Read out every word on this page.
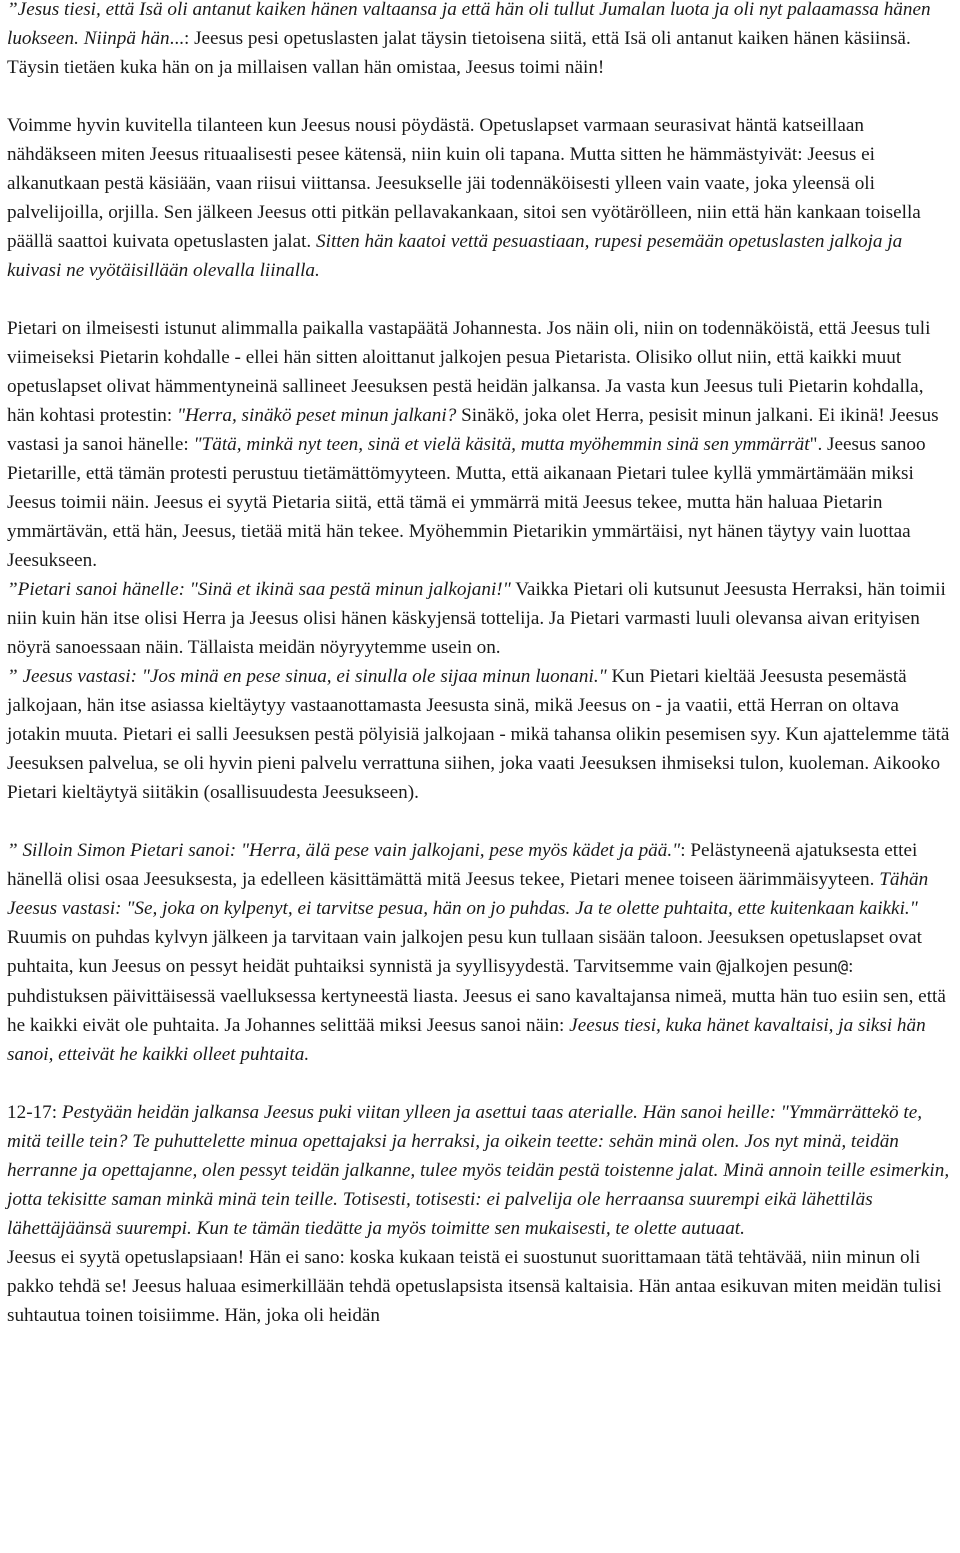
”Jesus tiesi, että Isä oli antanut kaiken hänen valtaansa ja että hän oli tullut Jumalan luota ja oli nyt palaamassa hänen luokseen. Niinpä hän...: Jeesus pesi opetuslasten jalat täysin tietoisena siitä, että Isä oli antanut kaiken hänen käsiinsä. Täysin tietäen kuka hän on ja millaisen vallan hän omistaa, Jeesus toimi näin!

Voimme hyvin kuvitella tilanteen kun Jeesus nousi pöydästä. Opetuslapset varmaan seurasivat häntä katseillaan nähdäkseen miten Jeesus rituaalisesti pesee kätensä, niin kuin oli tapana. Mutta sitten he hämmästyivät: Jeesus ei alkanutkaan pestä käsiään, vaan riisui viittansa. Jeesukselle jäi todennäköisesti ylleen vain vaate, joka yleensä oli palvelijoilla, orjilla. Sen jälkeen Jeesus otti pitkän pellavakankaan, sitoi sen vyötärölleen, niin että hän kankaan toisella päällä saattoi kuivata opetuslasten jalat. Sitten hän kaatoi vettä pesuastiaan, rupesi pesemään opetuslasten jalkoja ja kuivasi ne vyötäisillään olevalla liinalla.

Pietari on ilmeisesti istunut alimmalla paikalla vastapäätä Johannesta. Jos näin oli, niin on todennäköistä, että Jeesus tuli viimeiseksi Pietarin kohdalle - ellei hän sitten aloittanut jalkojen pesua Pietarista. Olisiko ollut niin, että kaikki muut opetuslapset olivat hämmentyneinä sallineet Jeesuksen pestä heidän jalkansa. Ja vasta kun Jeesus tuli Pietarin kohdalla, hän kohtasi protestin: "Herra, sinäkö peset minun jalkani? Sinäkö, joka olet Herra, pesisit minun jalkani. Ei ikinä! Jeesus vastasi ja sanoi hänelle: "Tätä, minkä nyt teen, sinä et vielä käsitä, mutta myöhemmin sinä sen ymmärrät". Jeesus sanoo Pietarille, että tämän protesti perustuu tietämättömyyteen. Mutta, että aikanaan Pietari tulee kyllä ymmärtämään miksi Jeesus toimii näin. Jeesus ei syytä Pietaria siitä, että tämä ei ymmärrä mitä Jeesus tekee, mutta hän haluaa Pietarin ymmärtävän, että hän, Jeesus, tietää mitä hän tekee. Myöhemmin Pietarikin ymmärtäisi, nyt hänen täytyy vain luottaa Jeesukseen.
”Pietari sanoi hänelle: "Sinä et ikinä saa pestä minun jalkojani!" Vaikka Pietari oli kutsunut Jeesusta Herraksi, hän toimii niin kuin hän itse olisi Herra ja Jeesus olisi hänen käskyjensä tottelija. Ja Pietari varmasti luuli olevansa aivan erityisen nöyrä sanoessaan näin. Tällaista meidän nöyryytemme usein on.
” Jeesus vastasi: "Jos minä en pese sinua, ei sinulla ole sijaa minun luonani." Kun Pietari kieltää Jeesusta pesemästä jalkojaan, hän itse asiassa kieltäytyy vastaanottamasta Jeesusta sinä, mikä Jeesus on - ja vaatii, että Herran on oltava jotakin muuta. Pietari ei salli Jeesuksen pestä pölyisiä jalkojaan - mikä tahansa olikin pesemisen syy. Kun ajattelemme tätä Jeesuksen palvelua, se oli hyvin pieni palvelu verrattuna siihen, joka vaati Jeesuksen ihmiseksi tulon, kuoleman. Aikooko Pietari kieltäytyä siitäkin (osallisuudesta Jeesukseen).

” Silloin Simon Pietari sanoi: "Herra, älä pese vain jalkojani, pese myös kädet ja pää.": Pelästyneenä ajatuksesta ettei hänellä olisi osaa Jeesuksesta, ja edelleen käsittämättä mitä Jeesus tekee, Pietari menee toiseen äärimmäisyyteen. Tähän Jeesus vastasi: "Se, joka on kylpenyt, ei tarvitse pesua, hän on jo puhdas. Ja te olette puhtaita, ette kuitenkaan kaikki." Ruumis on puhdas kylvyn jälkeen ja tarvitaan vain jalkojen pesu kun tullaan sisään taloon. Jeesuksen opetuslapset ovat puhtaita, kun Jeesus on pessyt heidät puhtaiksi synnistä ja syyllisyydestä. Tarvitsemme vain @jalkojen pesun@: puhdistuksen päivittäisessä vaelluksessa kertyneestä liasta. Jeesus ei sano kavaltajansa nimeä, mutta hän tuo esiin sen, että he kaikki eivät ole puhtaita. Ja Johannes selittää miksi Jeesus sanoi näin: Jeesus tiesi, kuka hänet kavaltaisi, ja siksi hän sanoi, etteivät he kaikki olleet puhtaita.

12-17: Pestyään heidän jalkansa Jeesus puki viitan ylleen ja asettui taas aterialle. Hän sanoi heille: "Ymmärrättekö te, mitä teille tein? Te puhuttelette minua opettajaksi ja herraksi, ja oikein teette: sehän minä olen. Jos nyt minä, teidän herranne ja opettajanne, olen pessyt teidän jalkanne, tulee myös teidän pestä toistenne jalat. Minä annoin teille esimerkin, jotta tekisitte saman minkä minä tein teille. Totisesti, totisesti: ei palvelija ole herraansa suurempi eikä lähettiläs lähettäjäänsä suurempi. Kun te tämän tiedätte ja myös toimitte sen mukaisesti, te olette autuaat.
Jeesus ei syytä opetuslapsiaan! Hän ei sano: koska kukaan teistä ei suostunut suorittamaan tätä tehtävää, niin minun oli pakko tehdä se! Jeesus haluaa esimerkillään tehdä opetuslapsista itsensä kaltaisia. Hän antaa esikuvan miten meidän tulisi suhtautua toinen toisiimme. Hän, joka oli heidän
